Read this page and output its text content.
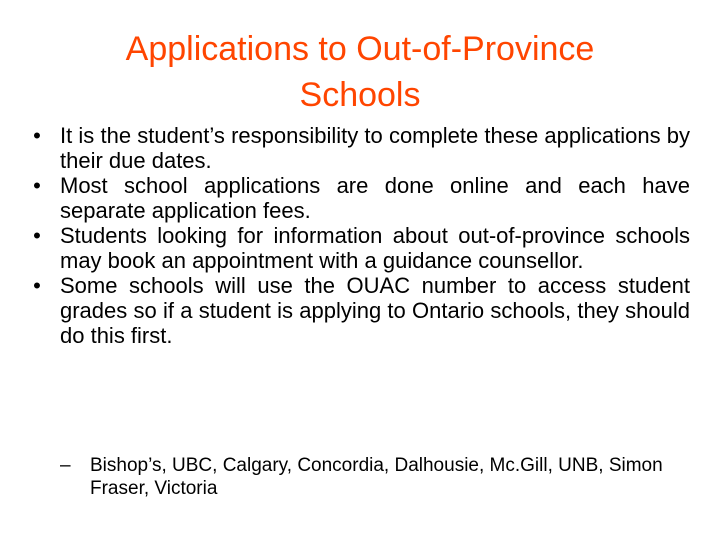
Applications to Out-of-Province
Schools
• It is the student’s responsibility to complete these applications by their due dates.
• Most school applications are done online and each have separate application fees.
• Students looking for information about out-of-province schools may book an appointment with a guidance counsellor.
• Some schools will use the OUAC number to access student grades so if a student is applying to Ontario schools, they should do this first.
– Bishop’s, UBC, Calgary, Concordia, Dalhousie, Mc.Gill, UNB, Simon Fraser, Victoria
